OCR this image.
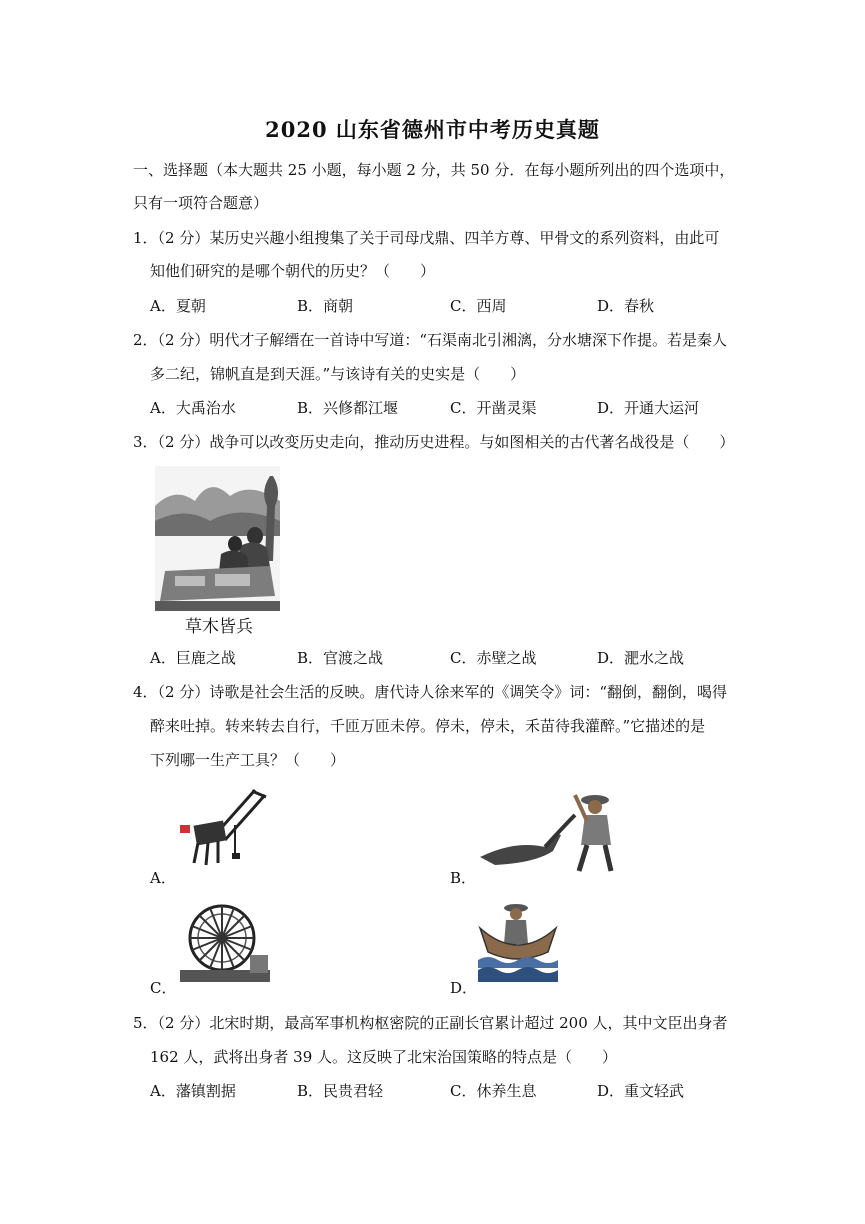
2020 山东省德州市中考历史真题
一、选择题（本大题共 25 小题，每小题 2 分，共 50 分．在每小题所列出的四个选项中，
只有一项符合题意）
1．（2 分）某历史兴趣小组搜集了关于司母戊鼎、四羊方尊、甲骨文的系列资料，由此可
知他们研究的是哪个朝代的历史？（　　）
A．夏朝	B．商朝	C．西周	D．春秋
2．（2 分）明代才子解缙在一首诗中写道：“石渠南北引湘漓，分水塘深下作提。若是秦人
多二纪，锦帆直是到天涯。”与该诗有关的史实是（　　）
A．大禹治水	B．兴修都江堰	C．开凿灵渠	D．开通大运河
3．（2 分）战争可以改变历史走向，推动历史进程。与如图相关的古代著名战役是（　　）
草木皆兵
A．巨鹿之战	B．官渡之战	C．赤壁之战	D．淝水之战
4．（2 分）诗歌是社会生活的反映。唐代诗人徐来军的《调笑令》词：“翻倒，翻倒，喝得
醉来吐掉。转来转去自行，千匝万匝未停。停未，停未，禾苗待我灌醉。”它描述的是
下列哪一生产工具？（　　）
A．	B．
C．	D．
5．（2 分）北宋时期，最高军事机构枢密院的正副长官累计超过 200 人，其中文臣出身者
162 人，武将出身者 39 人。这反映了北宋治国策略的特点是（　　）
A．藩镇割据	B．民贵君轻	C．休养生息	D．重文轻武
